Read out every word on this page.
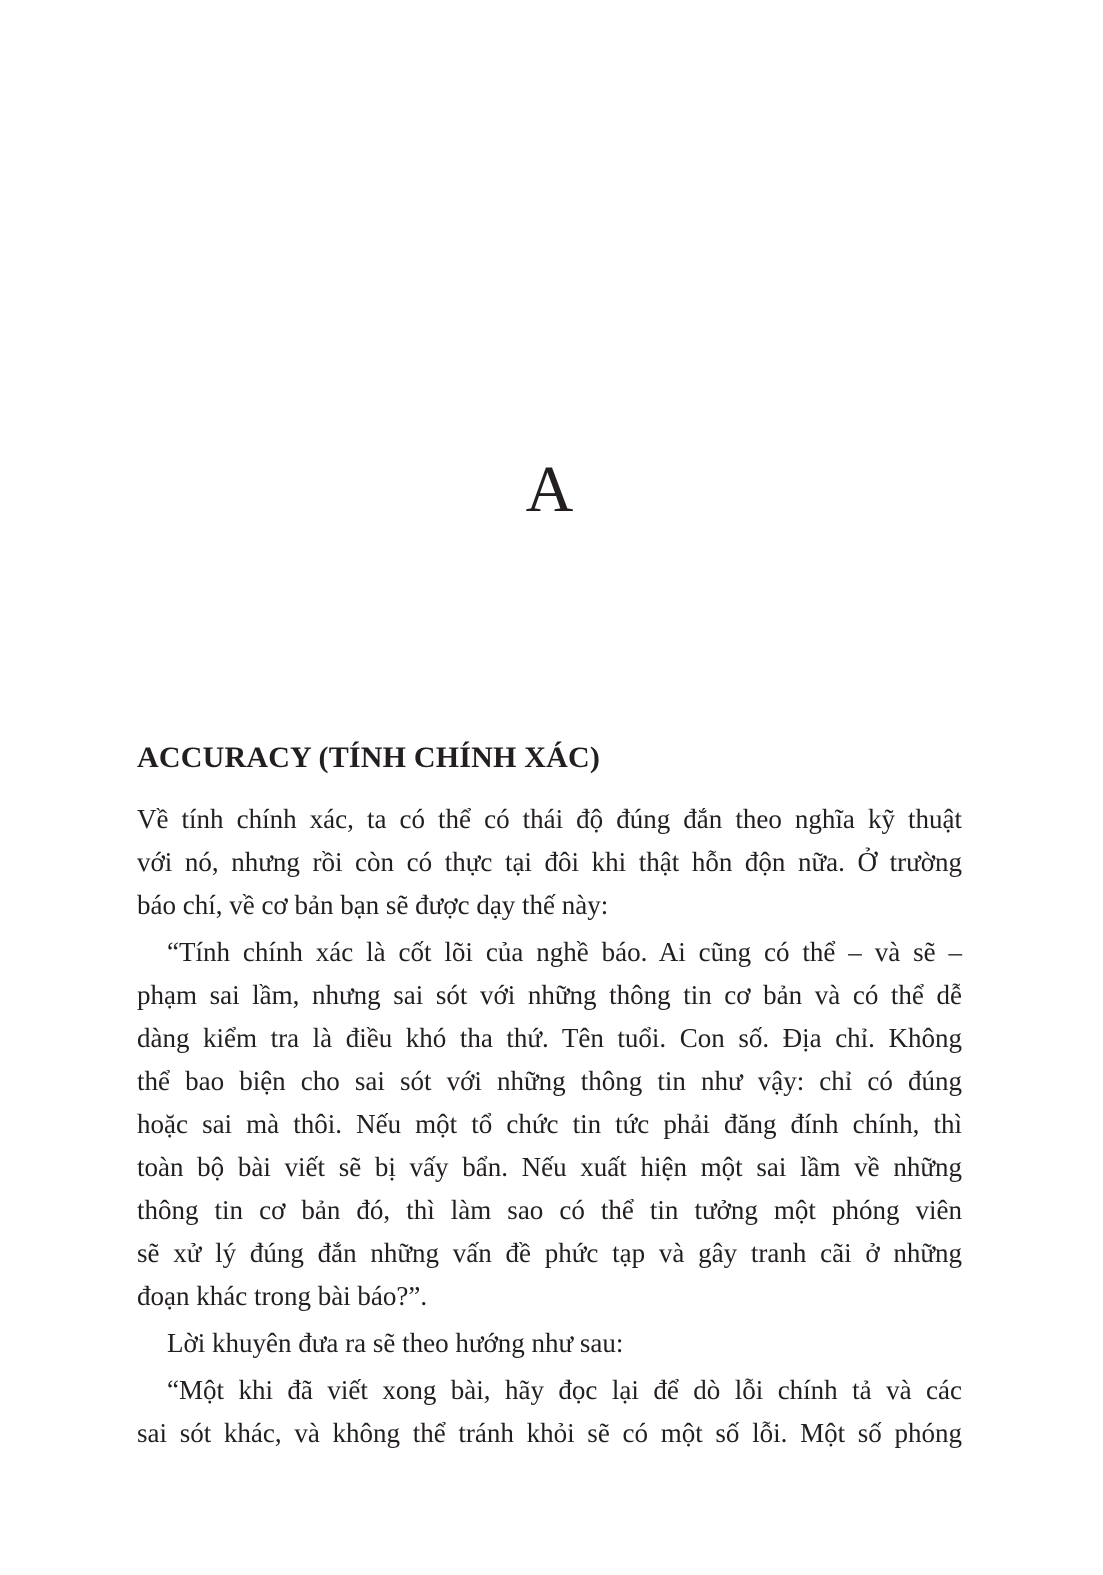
A
ACCURACY (TÍNH CHÍNH XÁC)

Về tính chính xác, ta có thể có thái độ đúng đắn theo nghĩa kỹ thuật
với nó, nhưng rồi còn có thực tại đôi khi thật hỗn độn nữa. Ở trường
báo chí, về cơ bản bạn sẽ được dạy thế này:

“Tính chính xác là cốt lõi của nghề báo. Ai cũng có thể – và sẽ –
phạm sai lầm, nhưng sai sót với những thông tin cơ bản và có thể dễ
dàng kiểm tra là điều khó tha thứ. Tên tuổi. Con số. Địa chỉ. Không
thể bao biện cho sai sót với những thông tin như vậy: chỉ có đúng
hoặc sai mà thôi. Nếu một tổ chức tin tức phải đăng đính chính, thì
toàn bộ bài viết sẽ bị vấy bẩn. Nếu xuất hiện một sai lầm về những
thông tin cơ bản đó, thì làm sao có thể tin tưởng một phóng viên
sẽ xử lý đúng đắn những vấn đề phức tạp và gây tranh cãi ở những
đoạn khác trong bài báo?”.

Lời khuyên đưa ra sẽ theo hướng như sau:

“Một khi đã viết xong bài, hãy đọc lại để dò lỗi chính tả và các
sai sót khác, và không thể tránh khỏi sẽ có một số lỗi. Một số phóng
